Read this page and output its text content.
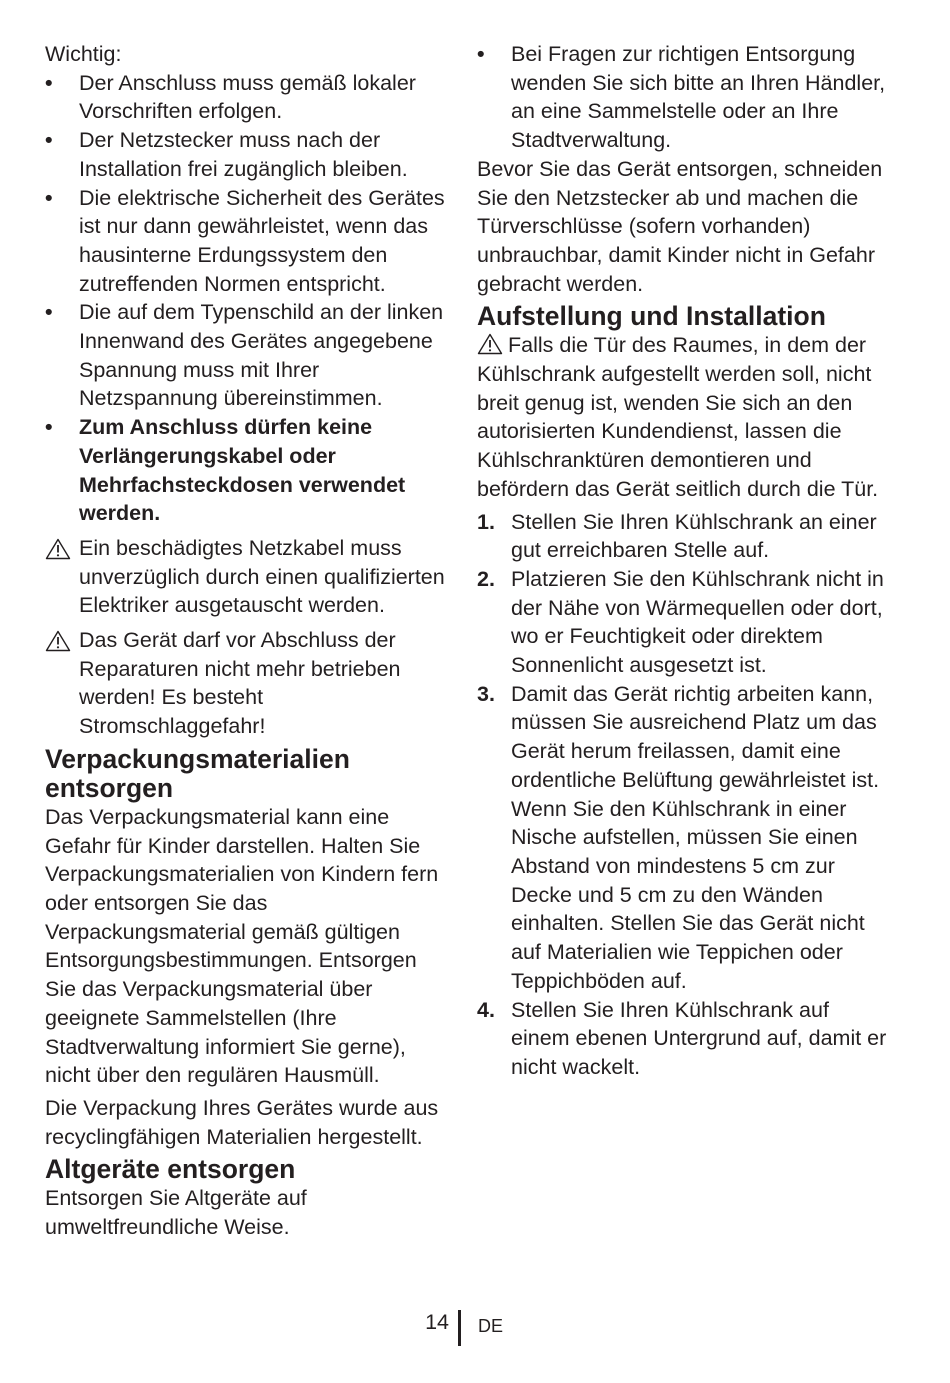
Wichtig:

•	Der Anschluss muss gemäß lokaler Vorschriften erfolgen.
•	Der Netzstecker muss nach der Installation frei zugänglich bleiben.
•	Die elektrische Sicherheit des Gerätes ist nur dann gewährleistet, wenn das hausinterne Erdungssystem den zutreffenden Normen entspricht.
•	Die auf dem Typenschild an der linken Innenwand des Gerätes angegebene Spannung muss mit Ihrer Netzspannung übereinstimmen.
•	Zum Anschluss dürfen keine Verlängerungskabel oder Mehrfachsteckdosen verwendet werden.
Ein beschädigtes Netzkabel muss unverzüglich durch einen qualifizierten Elektriker ausgetauscht werden.
Das Gerät darf vor Abschluss der Reparaturen nicht mehr betrieben werden! Es besteht Stromschlaggefahr!
Verpackungsmaterialien entsorgen

Das Verpackungsmaterial kann eine Gefahr für Kinder darstellen. Halten Sie Verpackungsmaterialien von Kindern fern oder entsorgen Sie das Verpackungsmaterial gemäß gültigen Entsorgungsbestimmungen. Entsorgen Sie das Verpackungsmaterial über geeignete Sammelstellen (Ihre Stadtverwaltung informiert Sie gerne), nicht über den regulären Hausmüll.

Die Verpackung Ihres Gerätes wurde aus recyclingfähigen Materialien hergestellt.

Altgeräte entsorgen

Entsorgen Sie Altgeräte auf umweltfreundliche Weise.

•	Bei Fragen zur richtigen Entsorgung wenden Sie sich bitte an Ihren Händler, an eine Sammelstelle oder an Ihre Stadtverwaltung.

Bevor Sie das Gerät entsorgen, schneiden Sie den Netzstecker ab und machen die Türverschlüsse (sofern vorhanden) unbrauchbar, damit Kinder nicht in Gefahr gebracht werden.

Aufstellung und Installation

Falls die Tür des Raumes, in dem der Kühlschrank aufgestellt werden soll, nicht breit genug ist, wenden Sie sich an den autorisierten Kundendienst, lassen die Kühlschranktüren demontieren und befördern das Gerät seitlich durch die Tür.

1. Stellen Sie Ihren Kühlschrank an einer gut erreichbaren Stelle auf.
2. Platzieren Sie den Kühlschrank nicht in der Nähe von Wärmequellen oder dort, wo er Feuchtigkeit oder direktem Sonnenlicht ausgesetzt ist.
3. Damit das Gerät richtig arbeiten kann, müssen Sie ausreichend Platz um das Gerät herum freilassen, damit eine ordentliche Belüftung gewährleistet ist. Wenn Sie den Kühlschrank in einer Nische aufstellen, müssen Sie einen Abstand von mindestens 5 cm zur Decke und 5 cm zu den Wänden einhalten. Stellen Sie das Gerät nicht auf Materialien wie Teppichen oder Teppichböden auf.
4. Stellen Sie Ihren Kühlschrank auf einem ebenen Untergrund auf, damit er nicht wackelt.
14 DE
